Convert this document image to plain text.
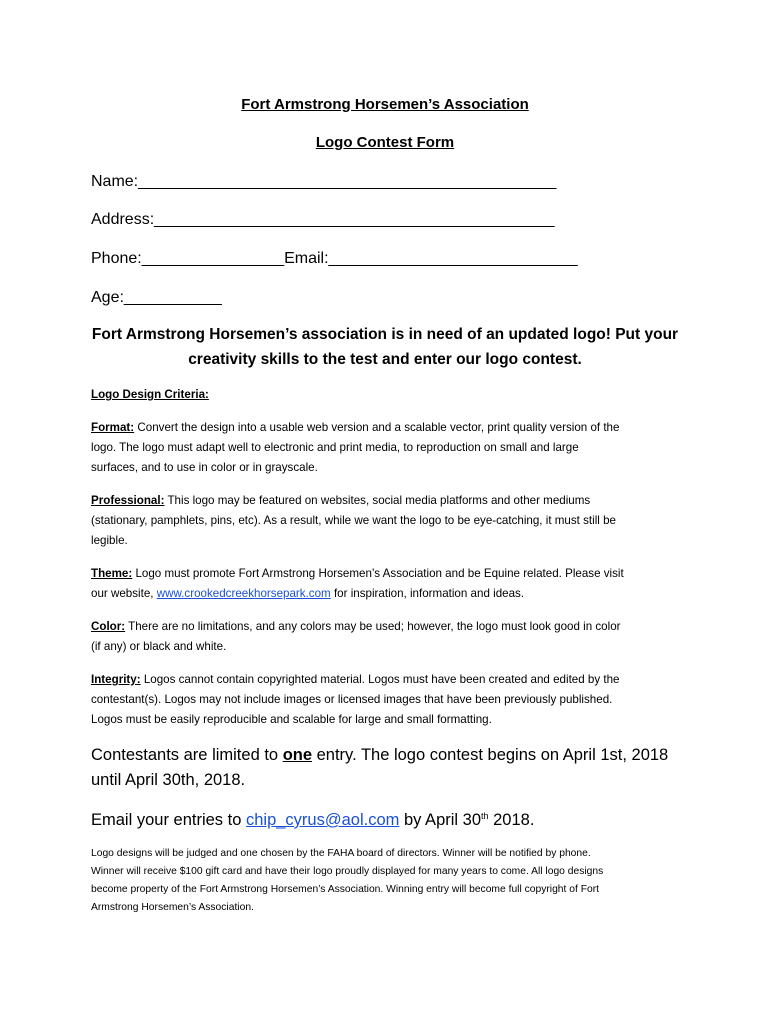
Fort Armstrong Horsemen’s Association
Logo Contest Form
Name:_______________________________________________
Address:_____________________________________________
Phone:________________Email:____________________________
Age:___________
Fort Armstrong Horsemen’s association is in need of an updated logo! Put your
creativity skills to the test and enter our logo contest.
Logo Design Criteria:
Format: Convert the design into a usable web version and a scalable vector, print quality version of the
logo. The logo must adapt well to electronic and print media, to reproduction on small and large
surfaces, and to use in color or in grayscale.
Professional: This logo may be featured on websites, social media platforms and other mediums
(stationary, pamphlets, pins, etc). As a result, while we want the logo to be eye-catching, it must still be
legible.
Theme: Logo must promote Fort Armstrong Horsemen’s Association and be Equine related. Please visit
our website, www.crookedcreekhorsepark.com for inspiration, information and ideas.
Color: There are no limitations, and any colors may be used; however, the logo must look good in color
(if any) or black and white.
Integrity: Logos cannot contain copyrighted material. Logos must have been created and edited by the
contestant(s). Logos may not include images or licensed images that have been previously published.
Logos must be easily reproducible and scalable for large and small formatting.
Contestants are limited to one entry. The logo contest begins on April 1st, 2018
until April 30th, 2018.
Email your entries to chip_cyrus@aol.com by April 30th 2018.
Logo designs will be judged and one chosen by the FAHA board of directors. Winner will be notified by phone.
Winner will receive $100 gift card and have their logo proudly displayed for many years to come. All logo designs
become property of the Fort Armstrong Horsemen’s Association. Winning entry will become full copyright of Fort
Armstrong Horsemen’s Association.
